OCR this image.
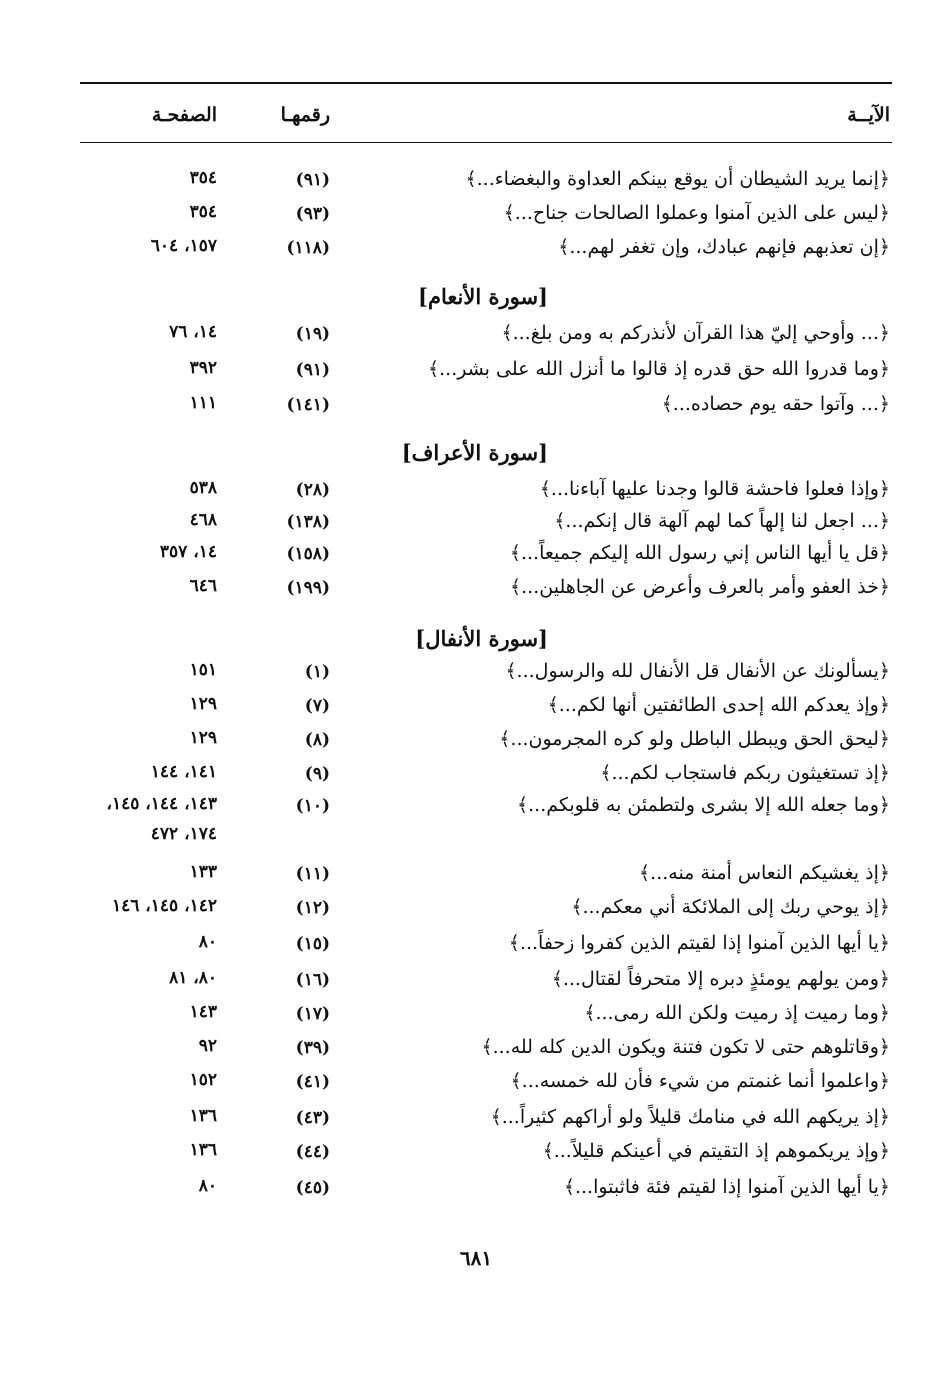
الآيــة
رقمهـا
الصفحـة
﴿إنما يريد الشيطان أن يوقع بينكم العداوة والبغضاء...﴾
(٩١)
٣٥٤
﴿ليس على الذين آمنوا وعملوا الصالحات جناح...﴾
(٩٣)
٣٥٤
﴿إن تعذبهم فإنهم عبادك، وإن تغفر لهم...﴾
(١١٨)
١٥٧، ٦٠٤
[سورة الأنعام]
﴿... وأوحي إليّ هذا القرآن لأنذركم به ومن بلغ...﴾
(١٩)
١٤، ٧٦
﴿وما قدروا الله حق قدره إذ قالوا ما أنزل الله على بشر...﴾
(٩١)
٣٩٢
﴿... وآتوا حقه يوم حصاده...﴾
(١٤١)
١١١
[سورة الأعراف]
﴿وإذا فعلوا فاحشة قالوا وجدنا عليها آباءنا...﴾
(٢٨)
٥٣٨
﴿... اجعل لنا إلهاً كما لهم آلهة قال إنكم...﴾
(١٣٨)
٤٦٨
﴿قل يا أيها الناس إني رسول الله إليكم جميعاً...﴾
(١٥٨)
١٤، ٣٥٧
﴿خذ العفو وأمر بالعرف وأعرض عن الجاهلين...﴾
(١٩٩)
٦٤٦
[سورة الأنفال]
﴿يسألونك عن الأنفال قل الأنفال لله والرسول...﴾
(١)
١٥١
﴿وإذ يعدكم الله إحدى الطائفتين أنها لكم...﴾
(٧)
١٢٩
﴿ليحق الحق ويبطل الباطل ولو كره المجرمون...﴾
(٨)
١٢٩
﴿إذ تستغيثون ربكم فاستجاب لكم...﴾
(٩)
١٤١، ١٤٤
﴿وما جعله الله إلا بشرى ولتطمئن به قلوبكم...﴾
(١٠)
١٤٣، ١٤٤، ١٤٥،
١٧٤، ٤٧٢
﴿إذ يغشيكم النعاس أمنة منه...﴾
(١١)
١٣٣
﴿إذ يوحي ربك إلى الملائكة أني معكم...﴾
(١٢)
١٤٢، ١٤٥، ١٤٦
﴿يا أيها الذين آمنوا إذا لقيتم الذين كفروا زحفاً...﴾
(١٥)
٨٠
﴿ومن يولهم يومئذٍ دبره إلا متحرفاً لقتال...﴾
(١٦)
٨٠، ٨١
﴿وما رميت إذ رميت ولكن الله رمى...﴾
(١٧)
١٤٣
﴿وقاتلوهم حتى لا تكون فتنة ويكون الدين كله لله...﴾
(٣٩)
٩٢
﴿واعلموا أنما غنمتم من شيء فأن لله خمسه...﴾
(٤١)
١٥٢
﴿إذ يريكهم الله في منامك قليلاً ولو أراكهم كثيراً...﴾
(٤٣)
١٣٦
﴿وإذ يريكموهم إذ التقيتم في أعينكم قليلاً...﴾
(٤٤)
١٣٦
﴿يا أيها الذين آمنوا إذا لقيتم فئة فاثبتوا...﴾
(٤٥)
٨٠
٦٨١
